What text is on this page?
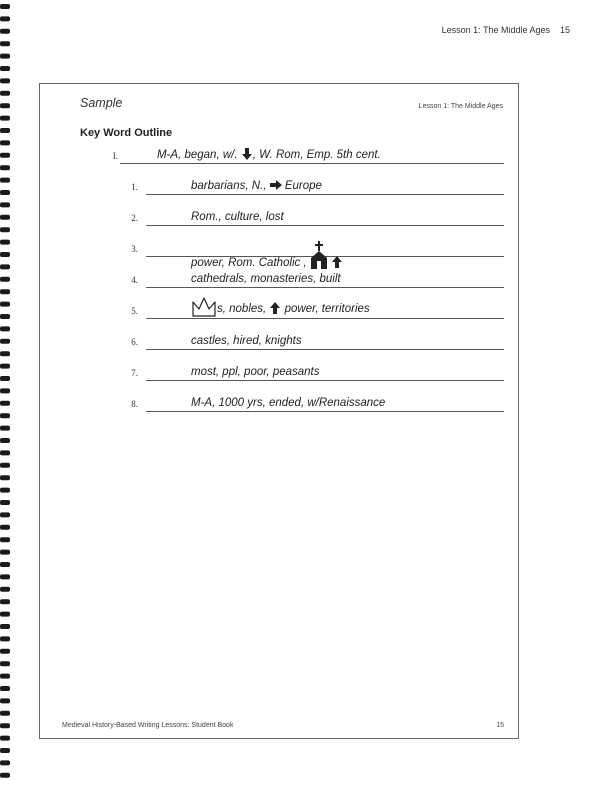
Lesson 1: The Middle Ages 15
Sample	Lesson 1: The Middle Ages
Key Word Outline
I.	M-A, began, w/. , W. Rom, Emp. 5th cent.
1.	barbarians, N., Europe
2.	Rom., culture, lost
3.
power, Rom. Catholic ,
4.	cathedrals, monasteries, built
5.	s, nobles, power, territories
6.	castles, hired, knights
7.	most, ppl, poor, peasants
8.	M-A, 1000 yrs, ended, w/Renaissance
Medieval History-Based Writing Lessons: Student Book	15
